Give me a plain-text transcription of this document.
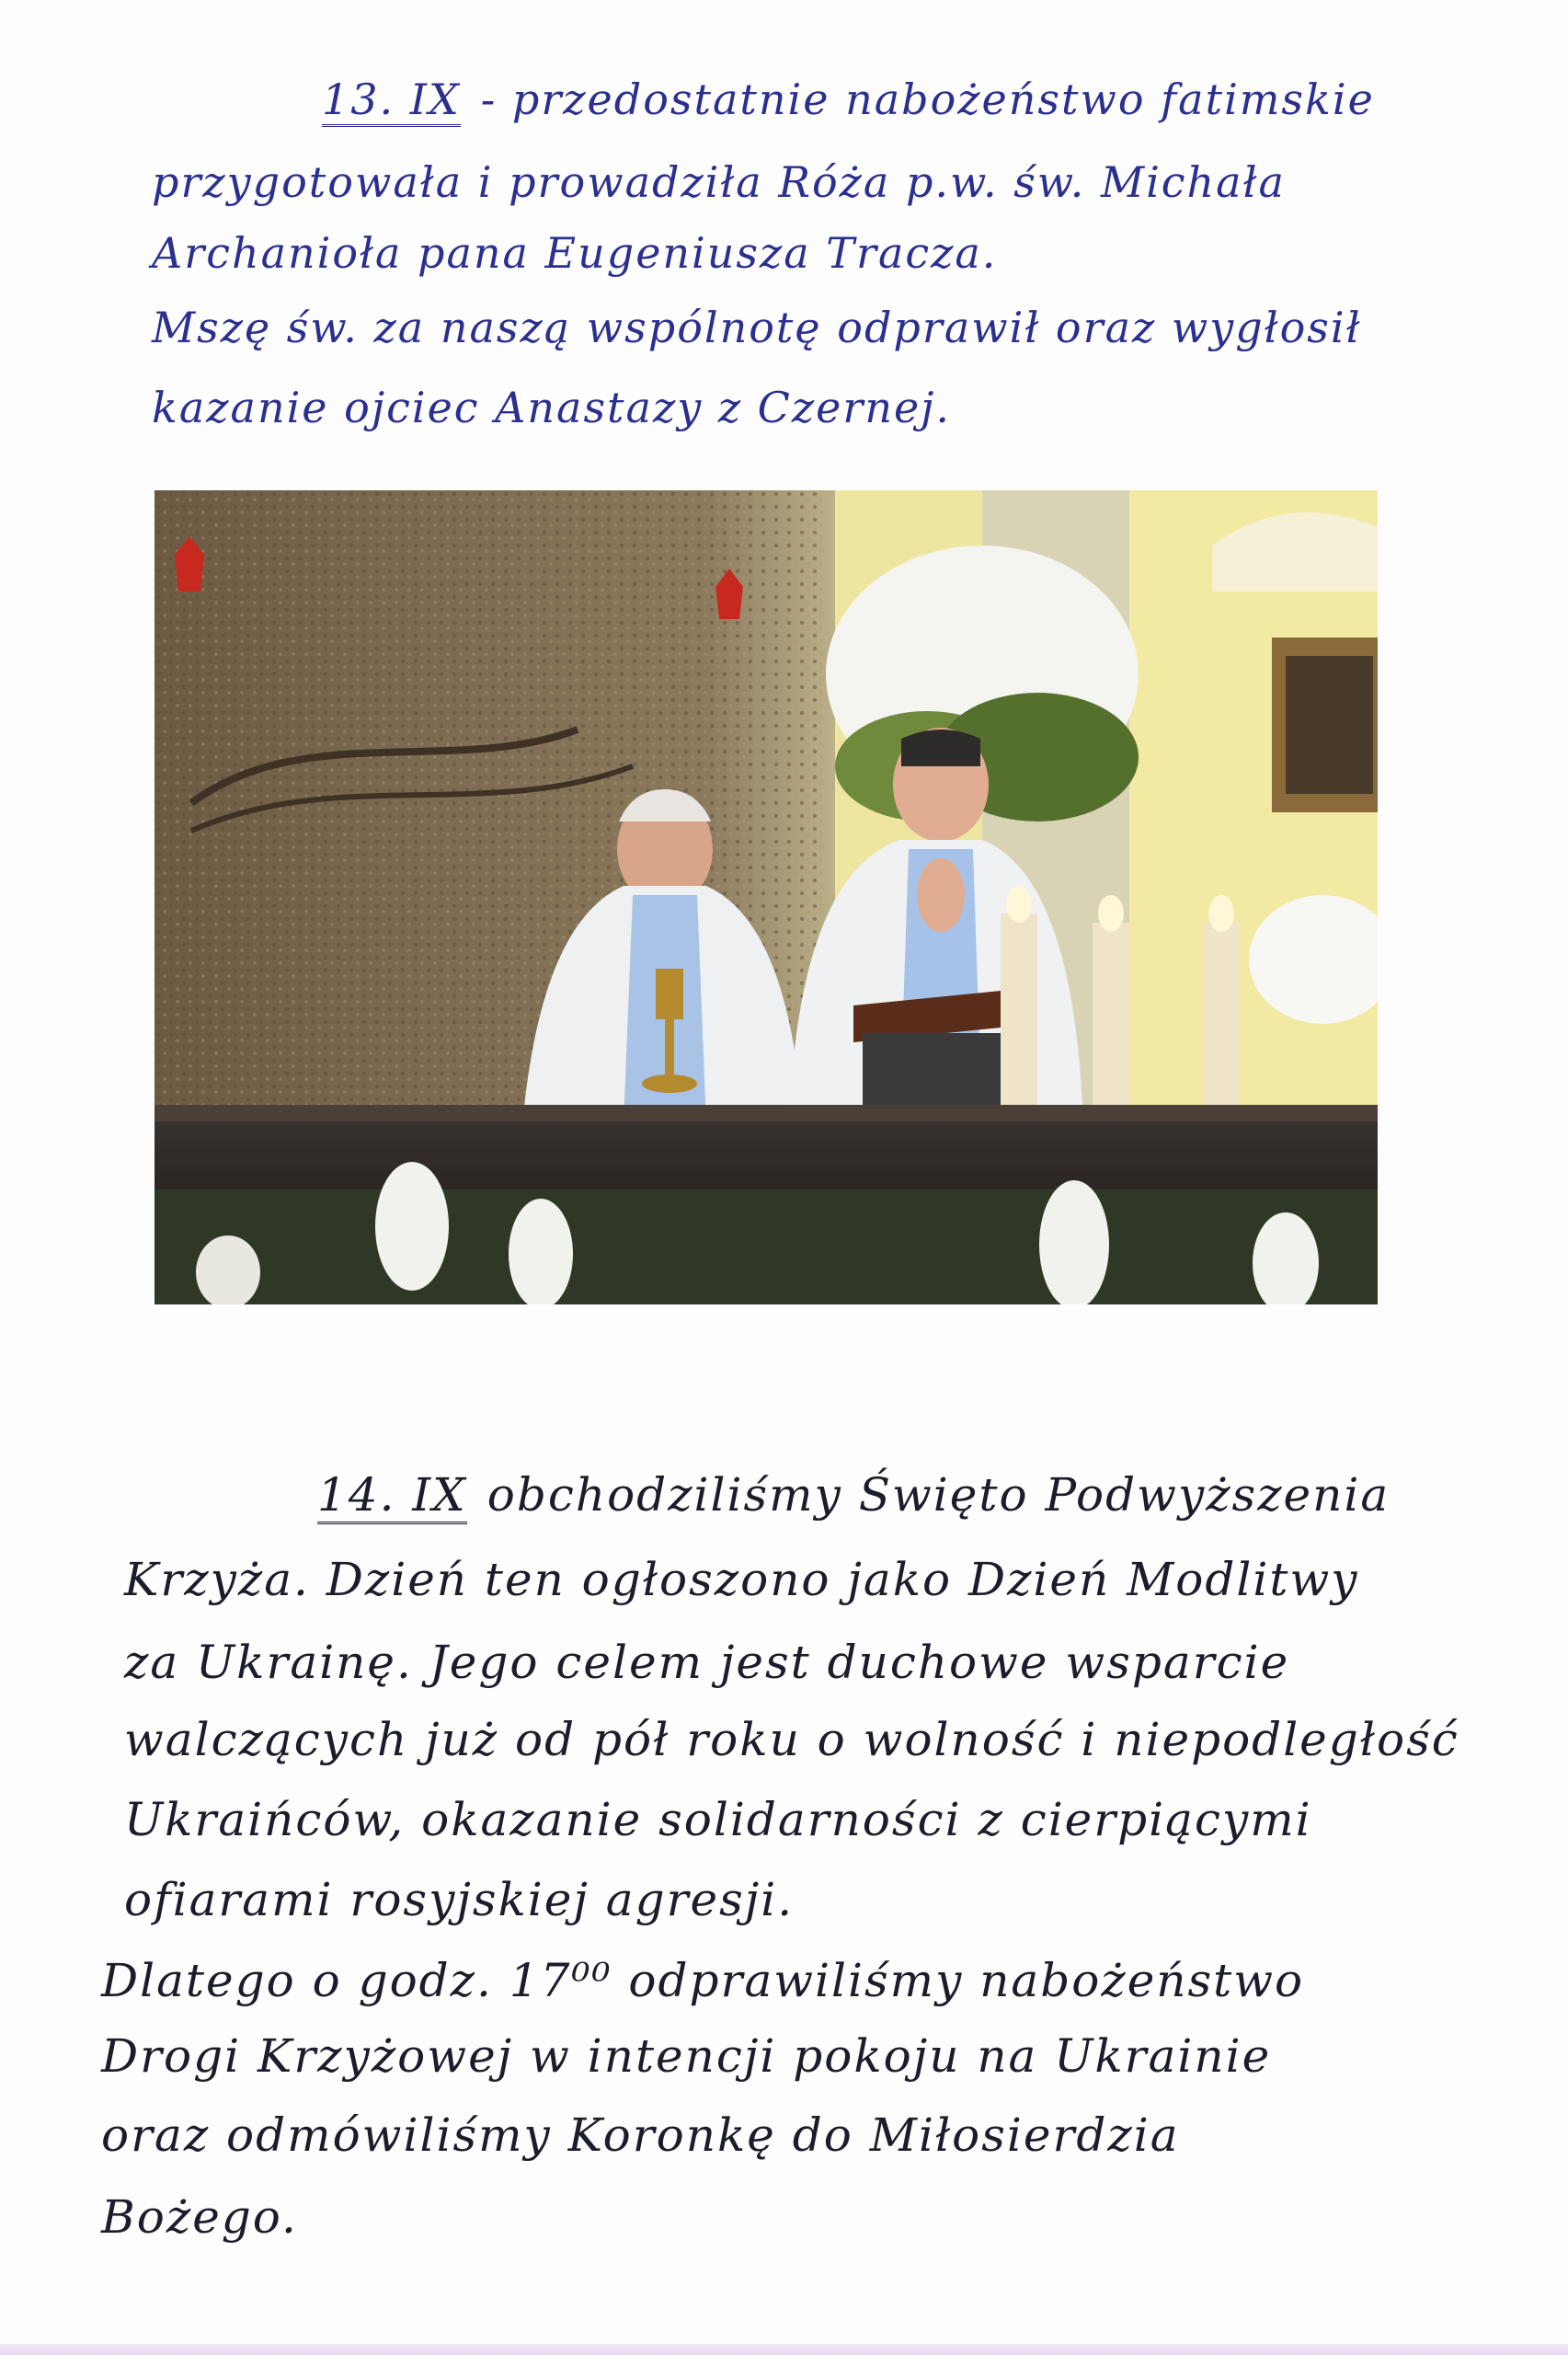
13. IX - przedostatnie nabożeństwo fatimskie
przygotowała i prowadziła Róża p.w. św. Michała
Archanioła pana Eugeniusza Tracza.
Mszę św. za naszą wspólnotę odprawił oraz wygłosił
kazanie ojciec Anastazy z Czernej.
14. IX obchodziliśmy Święto Podwyższenia
Krzyża. Dzień ten ogłoszono jako Dzień Modlitwy
za Ukrainę. Jego celem jest duchowe wsparcie
walczących już od pół roku o wolność i niepodległość
Ukraińców, okazanie solidarności z cierpiącymi
ofiarami rosyjskiej agresji.
Dlatego o godz. 17⁰⁰ odprawiliśmy nabożeństwo
Drogi Krzyżowej w intencji pokoju na Ukrainie
oraz odmówiliśmy Koronkę do Miłosierdzia
Bożego.
